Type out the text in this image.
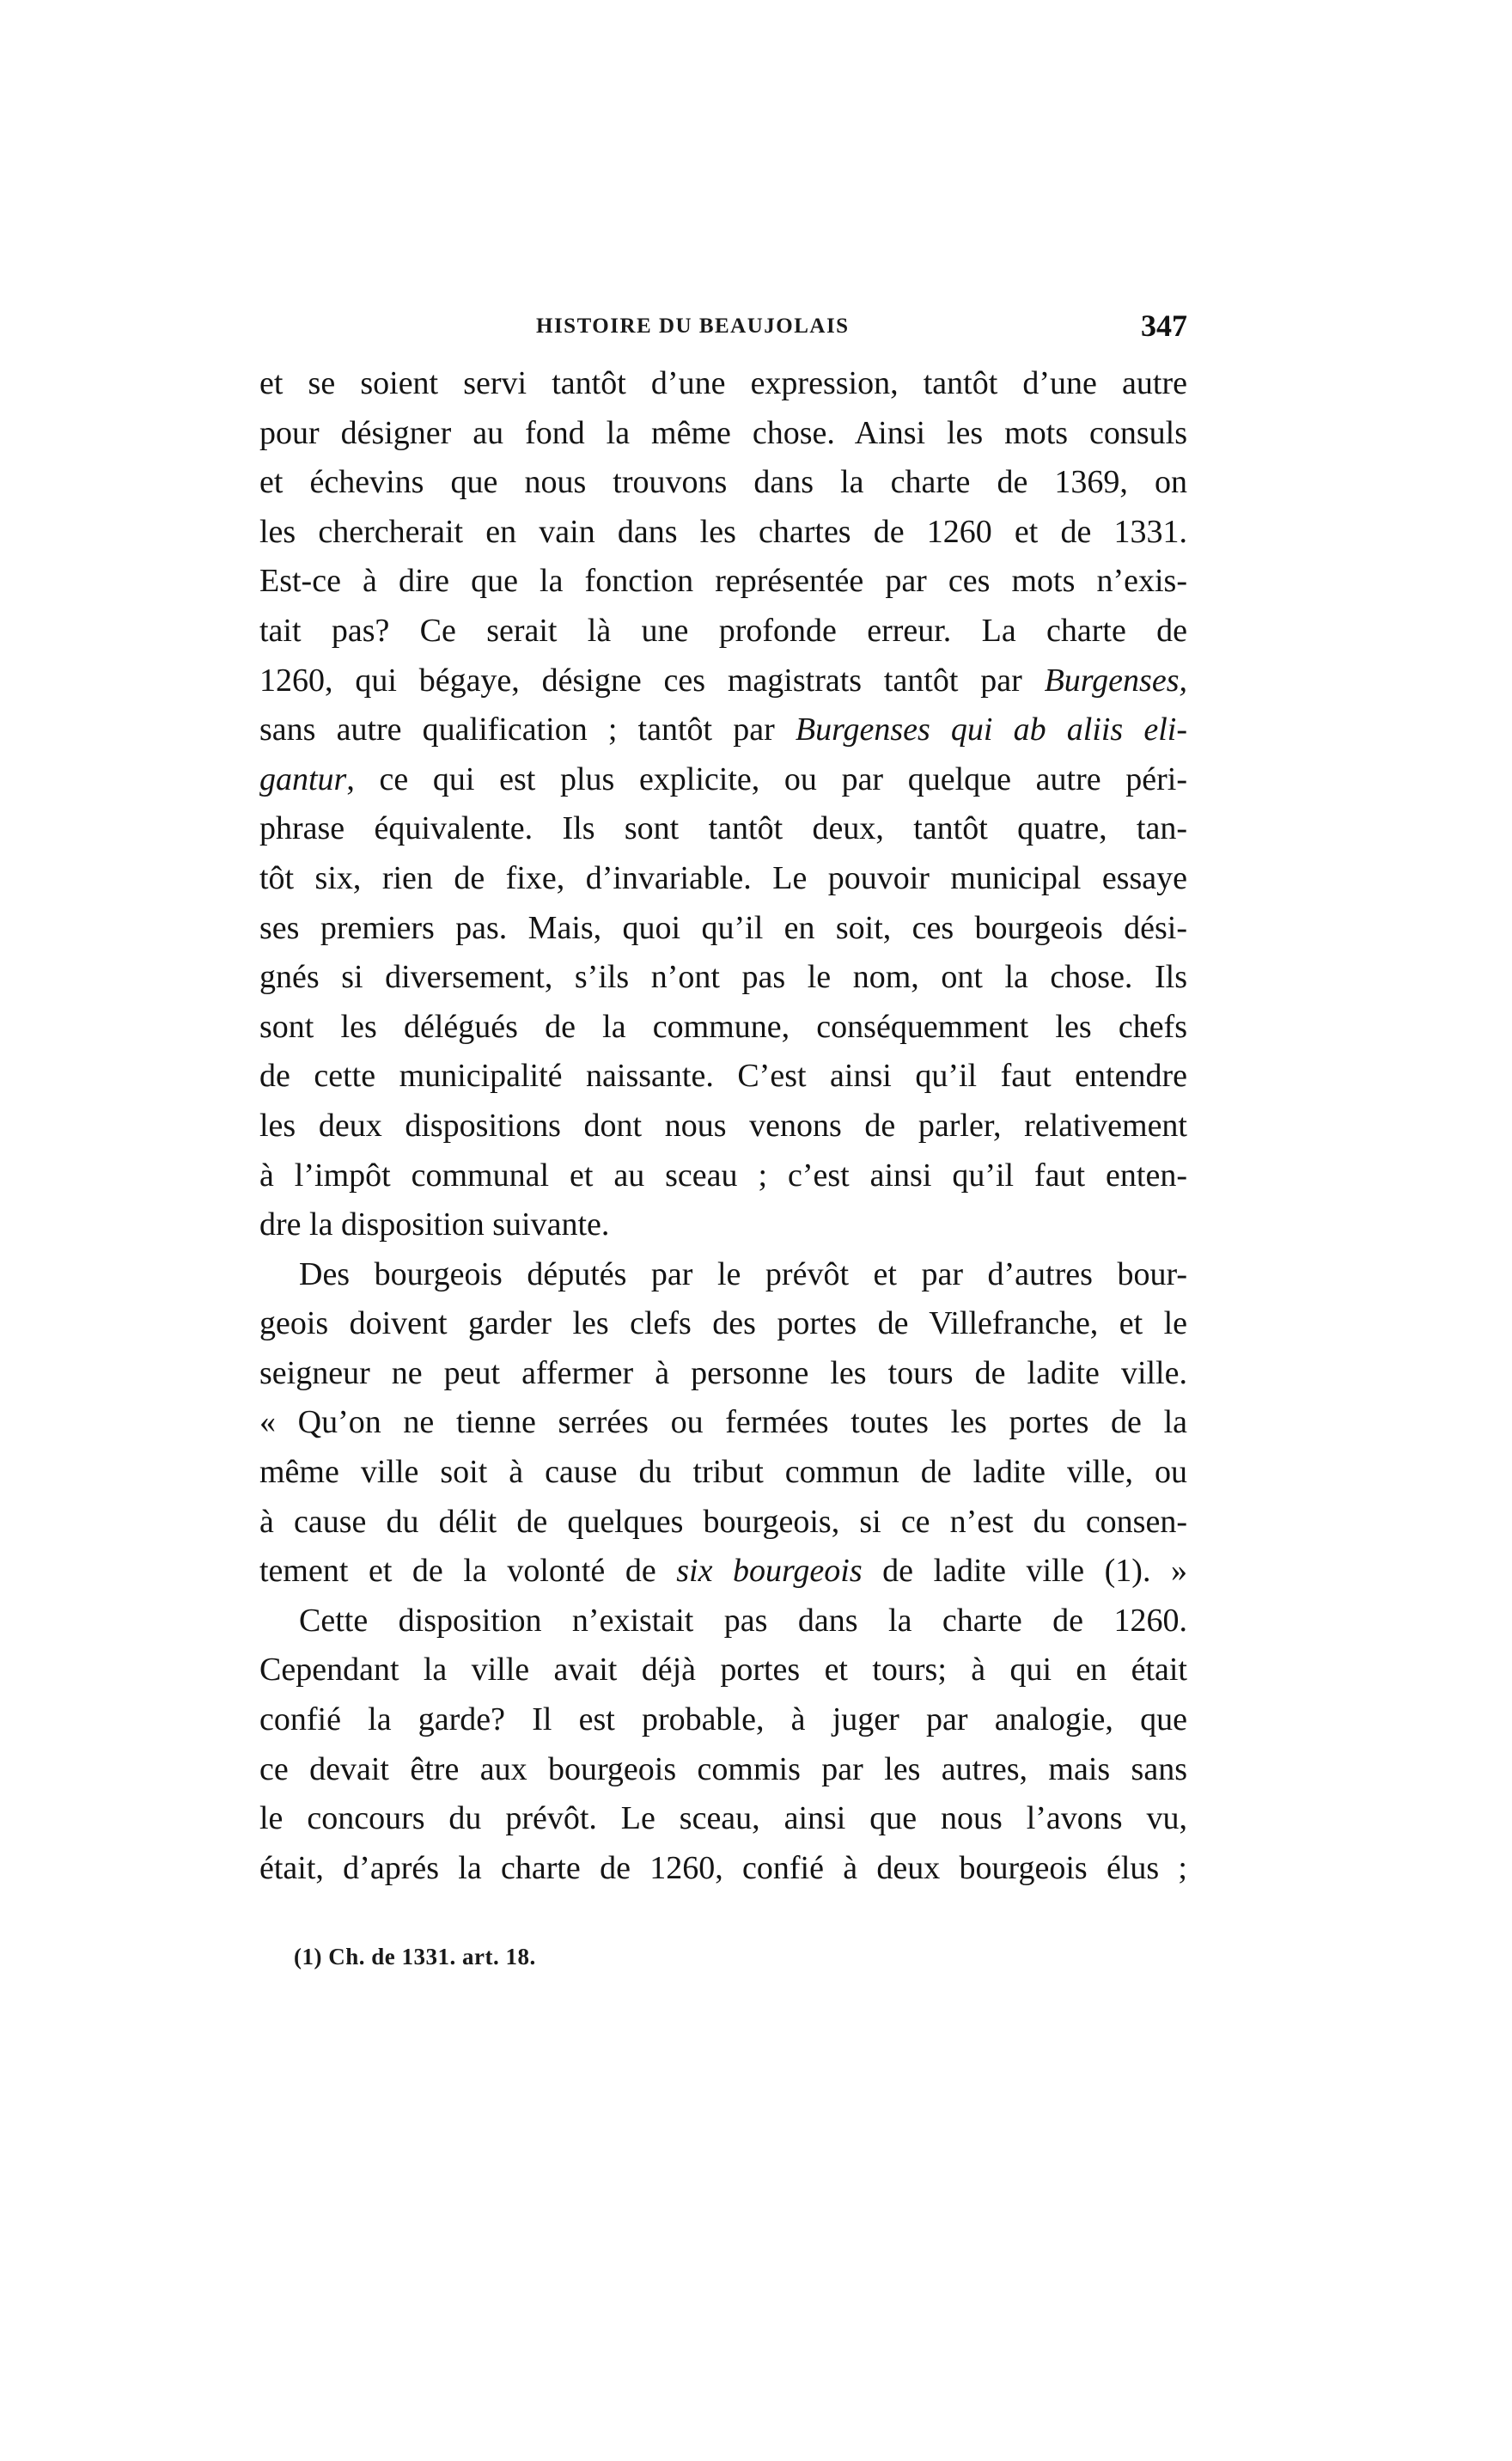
HISTOIRE DU BEAUJOLAIS	347
et se soient servi tantôt d’une expression, tantôt d’une autre
pour désigner au fond la même chose. Ainsi les mots consuls
et échevins que nous trouvons dans la charte de 1369, on
les chercherait en vain dans les chartes de 1260 et de 1331.
Est-ce à dire que la fonction représentée par ces mots n’exis-
tait pas? Ce serait là une profonde erreur. La charte de
1260, qui bégaye, désigne ces magistrats tantôt par Burgenses,
sans autre qualification ; tantôt par Burgenses qui ab aliis eli-
gantur, ce qui est plus explicite, ou par quelque autre péri-
phrase équivalente. Ils sont tantôt deux, tantôt quatre, tan-
tôt six, rien de fixe, d’invariable. Le pouvoir municipal essaye
ses premiers pas. Mais, quoi qu’il en soit, ces bourgeois dési-
gnés si diversement, s’ils n’ont pas le nom, ont la chose. Ils
sont les délégués de la commune, conséquemment les chefs
de cette municipalité naissante. C’est ainsi qu’il faut entendre
les deux dispositions dont nous venons de parler, relativement
à l’impôt communal et au sceau ; c’est ainsi qu’il faut enten-
dre la disposition suivante.
Des bourgeois députés par le prévôt et par d’autres bour-
geois doivent garder les clefs des portes de Villefranche, et le
seigneur ne peut affermer à personne les tours de ladite ville.
« Qu’on ne tienne serrées ou fermées toutes les portes de la
même ville soit à cause du tribut commun de ladite ville, ou
à cause du délit de quelques bourgeois, si ce n’est du consen-
tement et de la volonté de six bourgeois de ladite ville (1). »
Cette disposition n’existait pas dans la charte de 1260.
Cependant la ville avait déjà portes et tours; à qui en était
confié la garde? Il est probable, à juger par analogie, que
ce devait être aux bourgeois commis par les autres, mais sans
le concours du prévôt. Le sceau, ainsi que nous l’avons vu,
était, d’aprés la charte de 1260, confié à deux bourgeois élus ;
(1) Ch. de 1331. art. 18.
